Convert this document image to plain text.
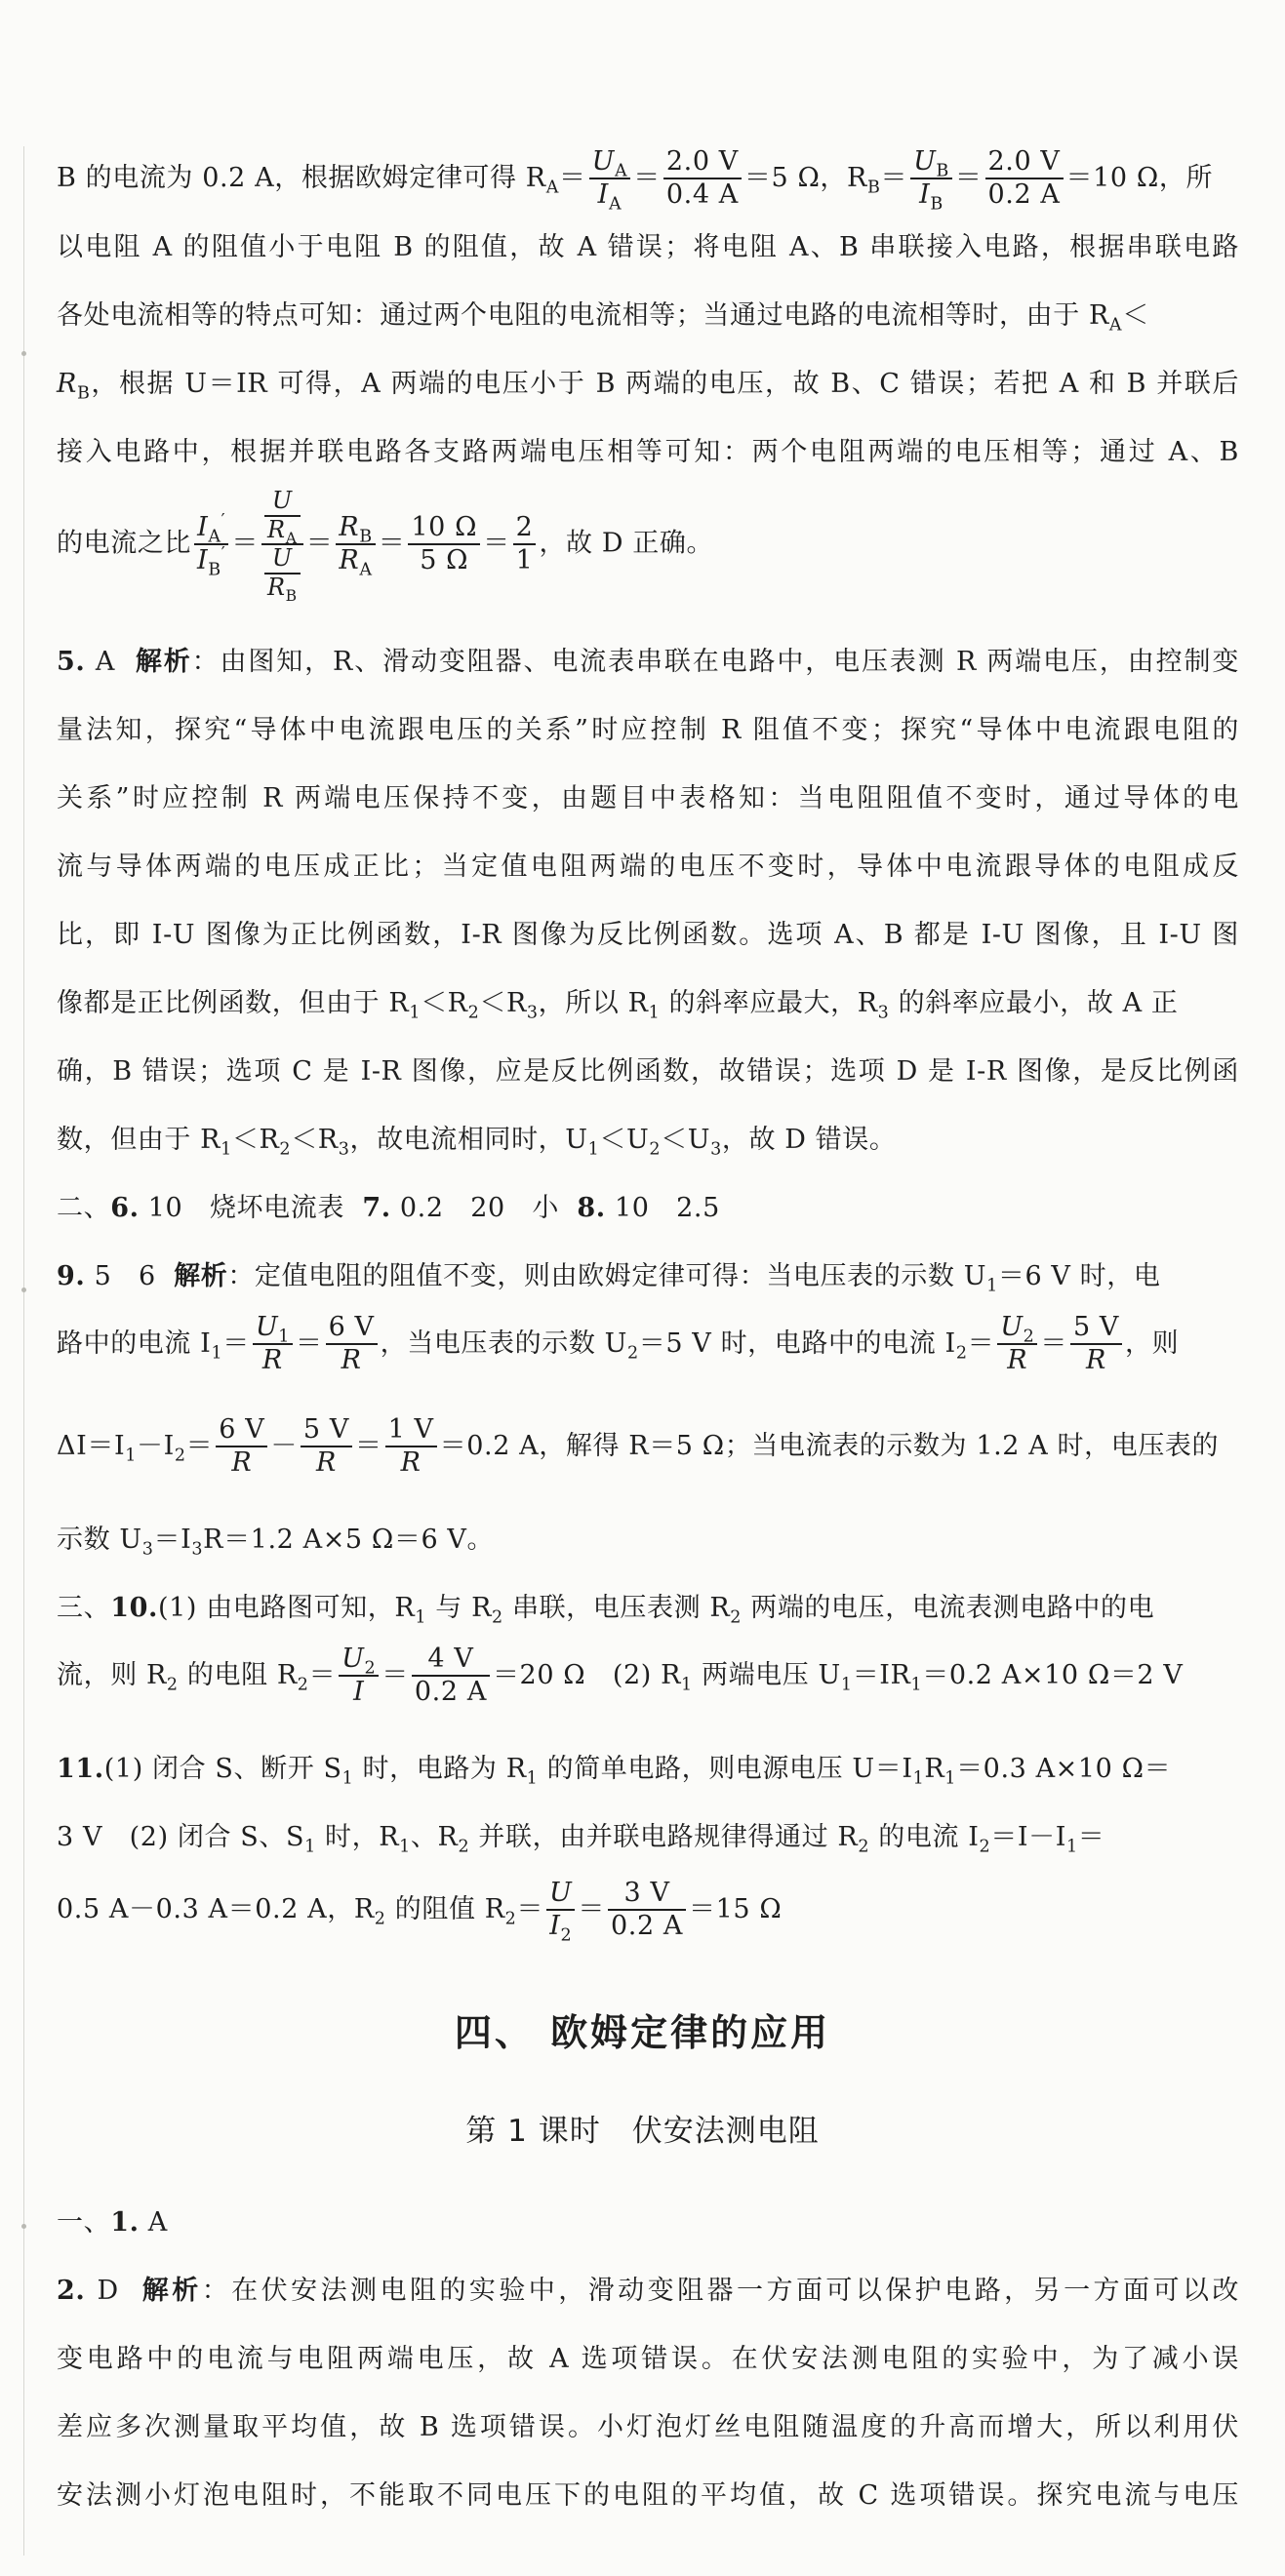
B 的电流为 0.2 A，根据欧姆定律可得 $R_A= \frac{U_A}{I_A} = \frac{2.0 V}{0.4 A} =5$ Ω，$R_B= \frac{U_B}{I_B} = \frac{2.0 V}{0.2 A} =10$ Ω，所
以电阻 A 的阻值小于电阻 B 的阻值，故 A 错误；将电阻 A、B 串联接入电路，根据串联电路
各处电流相等的特点可知：通过两个电阻的电流相等；当通过电路的电流相等时，由于 $R_A<$
$R_B$，根据 U＝IR 可得，A 两端的电压小于 B 两端的电压，故 B、C 错误；若把 A 和 B 并联后
接入电路中，根据并联电路各支路两端电压相等可知：两个电阻两端的电压相等；通过 A、B
的电流之比 $\frac{I_A'}{I_B'} = \frac{\frac{U}{R_A}}{\frac{U}{R_B}} = \frac{R_B}{R_A} = \frac{10 \Omega}{5 \Omega} = \frac{2}{1}$ ，故 D 正确。
5. A 解析：由图知，R、滑动变阻器、电流表串联在电路中，电压表测 R 两端电压，由控制变
量法知，探究“导体中电流跟电压的关系”时应控制 R 阻值不变；探究“导体中电流跟电阻的
关系”时应控制 R 两端电压保持不变，由题目中表格知：当电阻阻值不变时，通过导体的电
流与导体两端的电压成正比；当定值电阻两端的电压不变时，导体中电流跟导体的电阻成反
比，即 I-U 图像为正比例函数，I-R 图像为反比例函数。选项 A、B 都是 I-U 图像，且 I-U 图
像都是正比例函数，但由于 $R_1<R_2<R_3$，所以 $R_1$ 的斜率应最大，$R_3$ 的斜率应最小，故 A 正
确，B 错误；选项 C 是 I-R 图像，应是反比例函数，故错误；选项 D 是 I-R 图像，是反比例函
数，但由于 $R_1<R_2<R_3$，故电流相同时，$U_1<U_2<U_3$，故 D 错误。
二、6. 10　烧坏电流表 7. 0.2　20　小 8. 10　2.5
9. 5　6 解析：定值电阻的阻值不变，则由欧姆定律可得：当电压表的示数 $U_1=6$ V 时，电
路中的电流 $I_1= \frac{U_1}{R} = \frac{6 V}{R}$ ，当电压表的示数 $U_2=5$ V 时，电路中的电流 $I_2= \frac{U_2}{R} = \frac{5 V}{R}$ ，则
$\Delta I=I_1-I_2= \frac{6 V}{R} - \frac{5 V}{R} = \frac{1 V}{R} =0.2$ A，解得 R＝5 Ω；当电流表的示数为 1.2 A 时，电压表的
示数 $U_3=I_3R=1.2$ A×5 Ω＝6 V。
三、10.(1) 由电路图可知，$R_1$ 与 $R_2$ 串联，电压表测 $R_2$ 两端的电压，电流表测电路中的电
流，则 $R_2$ 的电阻 $R_2= \frac{U_2}{I} = \frac{4 V}{0.2 A} =20$ Ω　(2) $R_1$ 两端电压 $U_1=IR_1=0.2$ A×10 Ω＝2 V
11.(1) 闭合 S、断开 $S_1$ 时，电路为 $R_1$ 的简单电路，则电源电压 $U=I_1R_1=0.3$ A×10 Ω＝
3 V　(2) 闭合 S、$S_1$ 时，$R_1$、$R_2$ 并联，由并联电路规律得通过 $R_2$ 的电流 $I_2=I-I_1=$
0.5 A－0.3 A＝0.2 A，$R_2$ 的阻值 $R_2= \frac{U}{I_2} = \frac{3 V}{0.2 A} =15$ Ω
四、 欧姆定律的应用
第 1 课时　伏安法测电阻
一、1. A
2. D 解析：在伏安法测电阻的实验中，滑动变阻器一方面可以保护电路，另一方面可以改
变电路中的电流与电阻两端电压，故 A 选项错误。在伏安法测电阻的实验中，为了减小误
差应多次测量取平均值，故 B 选项错误。小灯泡灯丝电阻随温度的升高而增大，所以利用伏
安法测小灯泡电阻时，不能取不同电压下的电阻的平均值，故 C 选项错误。探究电流与电压
